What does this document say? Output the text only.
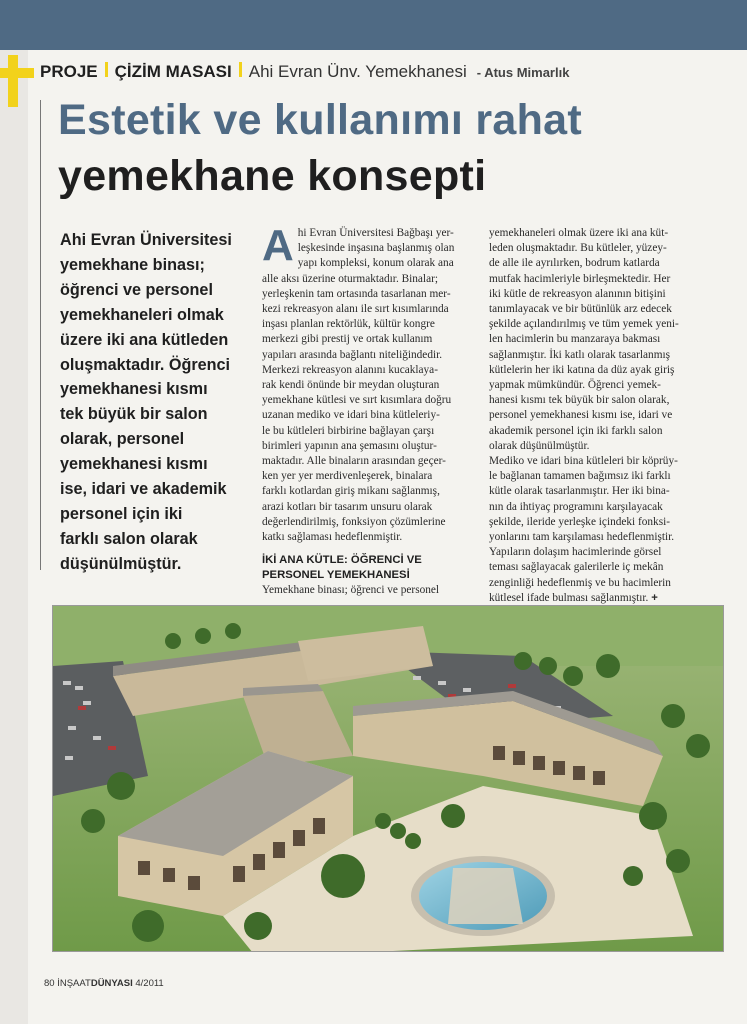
PROJE ÇİZİM MASASI Ahi Evran Ünv. Yemekhanesi - Atus Mimarlık
Estetik ve kullanımı rahat
yemekhane konsepti
Ahi Evran Üniversitesi
yemekhane binası;
öğrenci ve personel
yemekhaneleri olmak
üzere iki ana kütleden
oluşmaktadır. Öğrenci
yemekhanesi kısmı
tek büyük bir salon
olarak, personel
yemekhanesi kısmı
ise, idari ve akademik
personel için iki
farklı salon olarak
düşünülmüştür.
A hi Evran Üniversitesi Bağbaşı yer-
leşkesinde inşasına başlanmış olan
yapı kompleksi, konum olarak ana
alle aksı üzerine oturmaktadır. Binalar;
yerleşkenin tam ortasında tasarlanan mer-
kezi rekreasyon alanı ile sırt kısımlarında
inşası planlan rektörlük, kültür kongre
merkezi gibi prestij ve ortak kullanım
yapıları arasında bağlantı niteliğindedir.
Merkezi rekreasyon alanını kucaklaya-
rak kendi önünde bir meydan oluşturan
yemekhane kütlesi ve sırt kısımlara doğru
uzanan mediko ve idari bina kütleleriy-
le bu kütleleri birbirine bağlayan çarşı
birimleri yapının ana şemasını oluştur-
maktadır. Alle binaların arasından geçer-
ken yer yer merdivenleşerek, binalara
farklı kotlardan giriş mikanı sağlanmış,
arazi kotları bir tasarım unsuru olarak
değerlendirilmiş, fonksiyon çözümlerine
katkı sağlaması hedeflenmiştir.
İKİ ANA KÜTLE: ÖĞRENCİ VE
PERSONEL YEMEKHANESİ
Yemekhane binası; öğrenci ve personel
yemekhaneleri olmak üzere iki ana küt-
leden oluşmaktadır. Bu kütleler, yüzey-
de alle ile ayrılırken, bodrum katlarda
mutfak hacimleriyle birleşmektedir. Her
iki kütle de rekreasyon alanının bitişini
tanımlayacak ve bir bütünlük arz edecek
şekilde açılandırılmış ve tüm yemek yeni-
len hacimlerin bu manzaraya bakması
sağlanmıştır. İki katlı olarak tasarlanmış
kütlelerin her iki katına da düz ayak giriş
yapmak mümkündür. Öğrenci yemek-
hanesi kısmı tek büyük bir salon olarak,
personel yemekhanesi kısmı ise, idari ve
akademik personel için iki farklı salon
olarak düşünülmüştür.
Mediko ve idari bina kütleleri bir köprüy-
le bağlanan tamamen bağımsız iki farklı
kütle olarak tasarlanmıştır. Her iki bina-
nın da ihtiyaç programını karşılayacak
şekilde, ileride yerleşke içindeki fonksi-
yonlarını tam karşılaması hedeflenmiştir.
Yapıların dolaşım hacimlerinde görsel
teması sağlayacak galerilerle iç mekân
zenginliği hedeflenmiş ve bu hacimlerin
kütlesel ifade bulması sağlanmıştır. +
80 İNŞAATDÜNYASI 4/2011
